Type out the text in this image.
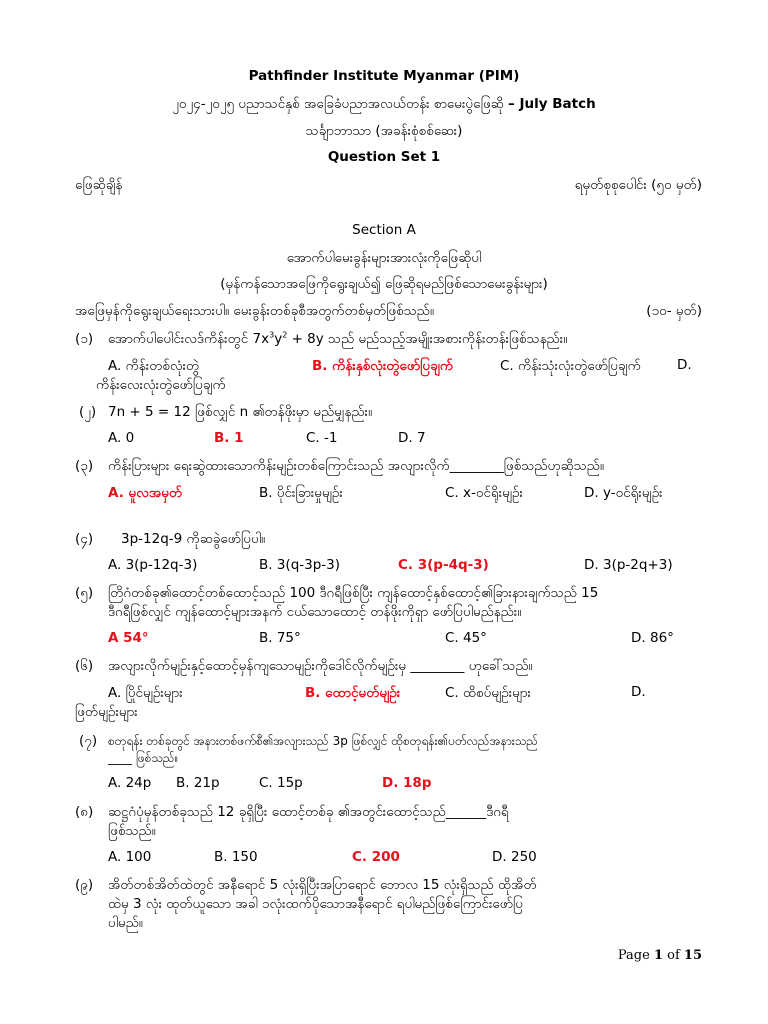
Pathfinder Institute Myanmar (PIM)
၂၀၂၄-၂၀၂၅ ပညာသင်နှစ် အခြေခံပညာအလယ်တန်း စာမေးပွဲဖြေဆို – July Batch
သင်္ချာဘာသာ (အခန်းစုံစစ်ဆေး)
Question Set 1
ဖြေဆိုချိန်	ရမှတ်စုစုပေါင်း (၅၀ မှတ်)
Section A
အောက်ပါမေးခွန်းများအားလုံးကိုဖြေဆိုပါ
(မှန်ကန်သောအဖြေကိုရွေးချယ်၍ ဖြေဆိုရမည်ဖြစ်သောမေးခွန်းများ)
အဖြေမှန်ကိုရွေးချယ်ရေးသားပါ။ မေးခွန်းတစ်ခုစီအတွက်တစ်မှတ်ဖြစ်သည်။	(၁၀- မှတ်)
(၁) အောက်ပါပေါင်းလဒ်ကိန်းတွင် $7x^3y^2 + 8y$ သည် မည်သည့်အမျိုးအစားကိုန်းတန်းဖြစ်သနည်း။
A. ကိန်းတစ်လုံးတွဲ	B. ကိန်းနှစ်လုံးတွဲဖော်ပြချက်	C. ကိန်းသုံးလုံးတွဲဖော်ပြချက်	D.
ကိန်းလေးလုံးတွဲဖော်ပြချက်
(၂) 7n + 5 = 12 ဖြစ်လျှင် n ၏တန်ဖိုးမှာ မည်မျှနည်း။
A. 0	B. 1	C. -1	D. 7
(၃) ကိန်းပြားများ ရေးဆွဲထားသောကိန်းမျဉ်းတစ်ကြောင်းသည် အလျားလိုက်________ဖြစ်သည်ဟုဆိုသည်။
A. မူလအမှတ်	B. ပိုင်းခြားမှုမျဉ်း	C. x-ဝင်ရိုးမျဉ်း	D. y-ဝင်ရိုးမျဉ်း
(၄) 3p-12q-9 ကိုဆခွဲဖော်ပြပါ။
A. 3(p-12q-3)	B. 3(q-3p-3)	C. 3(p-4q-3)	D. 3(p-2q+3)
(၅) တြိဂံတစ်ခု၏ထောင့်တစ်ထောင့်သည် 100 ဒီဂရီဖြစ်ပြီး ကျန်ထောင့်နှစ်ထောင့်၏ခြားနားချက်သည် 15
ဒီဂရီဖြစ်လျှင် ကျန်ထောင့်များအနက် ငယ်သောထောင့် တန်ဖိုးကိုရှာ ဖော်ပြပါမည်နည်း။
A 54°	B. 75°	C. 45°	D. 86°
(၆) အလျားလိုက်မျဉ်းနှင့်ထောင့်မှန်ကျသောမျဉ်းကိုဒေါင်လိုက်မျဉ်းမှ ________ ဟုခေါ်သည်။
A. ပြိုင်မျဉ်းများ	B. ထောင့်မတ်မျဉ်း	C. ထိစပ်မျဉ်းများ	D.
ဖြတ်မျဉ်းများ
(၇) စတုရန်း တစ်ခုတွင် အနားတစ်ဖက်စီ၏အလျားသည် 3p ဖြစ်လျှင် ထိုစတုရန်း၏ပတ်လည်အနားသည်
____ ဖြစ်သည်။
A. 24p B. 21p	C. 15p	D. 18p
(၈) ဆဋ္ဌဂံပုံမှန်တစ်ခုသည် 12 ခုရှိပြီး ထောင့်တစ်ခု ၏အတွင်းထောင့်သည်______ဒီဂရီ
ဖြစ်သည်။
A. 100	B. 150	C. 200	D. 250
(၉) အိတ်တစ်အိတ်ထဲတွင် အနီရောင် 5 လုံးရှိပြီးအပြာရောင် ဘောလ 15 လုံးရှိသည် ထိုအိတ်
ထဲမှ 3 လုံး ထုတ်ယူသော အခါ ၁လုံးထက်ပိုသောအနီရောင် ရပါမည်ဖြစ်ကြောင်းဖော်ပြ
ပါမည်။
Page 1 of 15
